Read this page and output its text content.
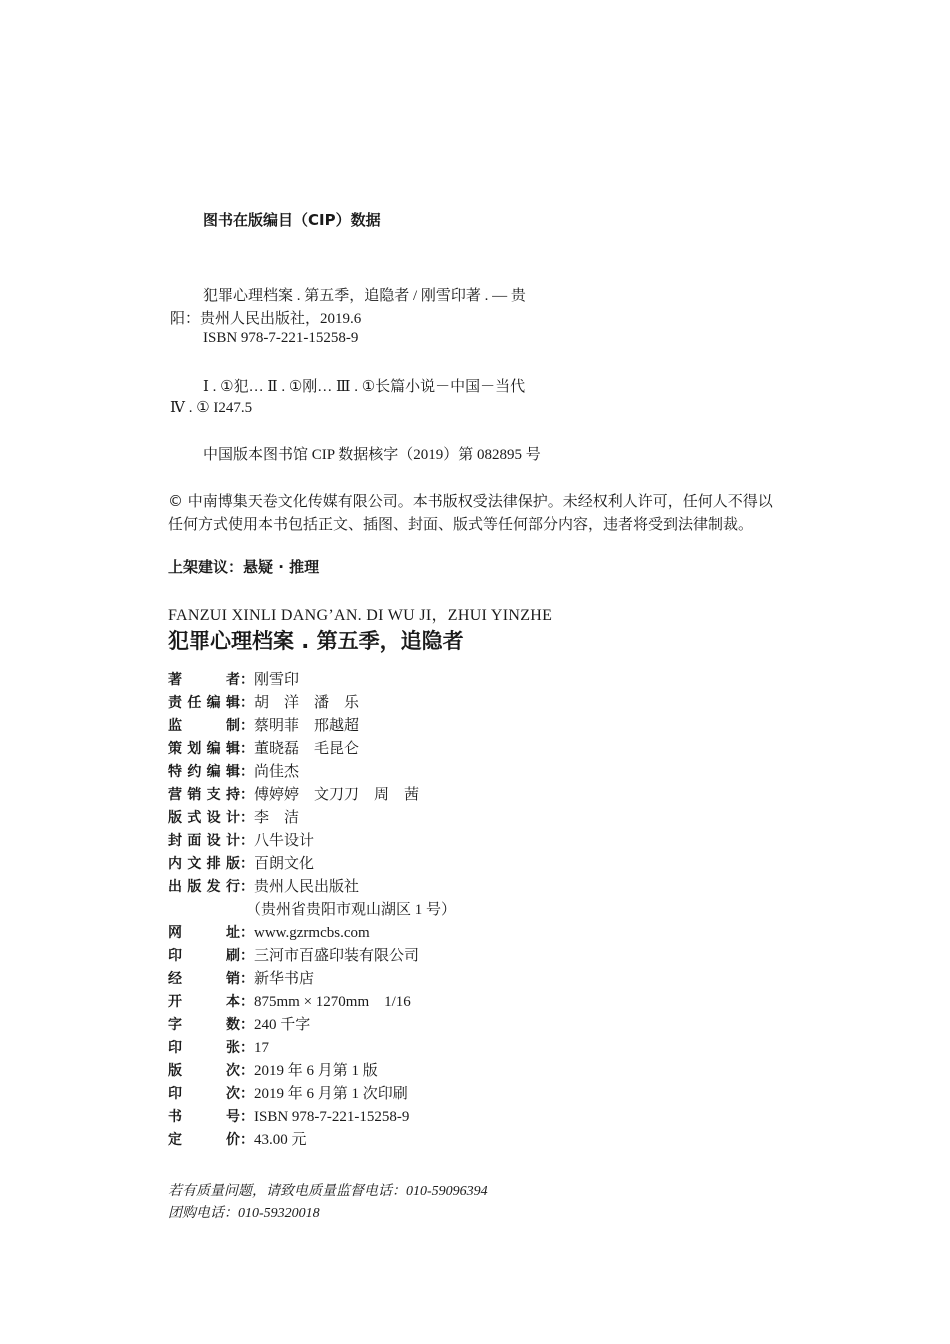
图书在版编目（CIP）数据
犯罪心理档案 . 第五季，追隐者 / 刚雪印著 . — 贵
阳：贵州人民出版社，2019.6
ISBN 978-7-221-15258-9
Ⅰ . ①犯… Ⅱ . ①刚… Ⅲ . ①长篇小说－中国－当代
Ⅳ . ① I247.5
中国版本图书馆 CIP 数据核字（2019）第 082895 号
© 中南博集天卷文化传媒有限公司。本书版权受法律保护。未经权利人许可，任何人不得以
任何方式使用本书包括正文、插图、封面、版式等任何部分内容，违者将受到法律制裁。
上架建议：悬疑 · 推理
FANZUI XINLI DANG’AN. DI WU JI，ZHUI YINZHE
犯罪心理档案 . 第五季，追隐者
著者：刚雪印
责任编辑：胡　洋　潘　乐
监制：蔡明菲　邢越超
策划编辑：董晓磊　毛昆仑
特约编辑：尚佳杰
营销支持：傅婷婷　文刀刀　周　茜
版式设计：李　洁
封面设计：八牛设计
内文排版：百朗文化
出版发行：贵州人民出版社
（贵州省贵阳市观山湖区 1 号）
网址：www.gzrmcbs.com
印刷：三河市百盛印装有限公司
经销：新华书店
开本：875mm × 1270mm　1/16
字数：240 千字
印张：17
版次：2019 年 6 月第 1 版
印次：2019 年 6 月第 1 次印刷
书号：ISBN 978-7-221-15258-9
定价：43.00 元
若有质量问题，请致电质量监督电话：010-59096394
团购电话：010-59320018
